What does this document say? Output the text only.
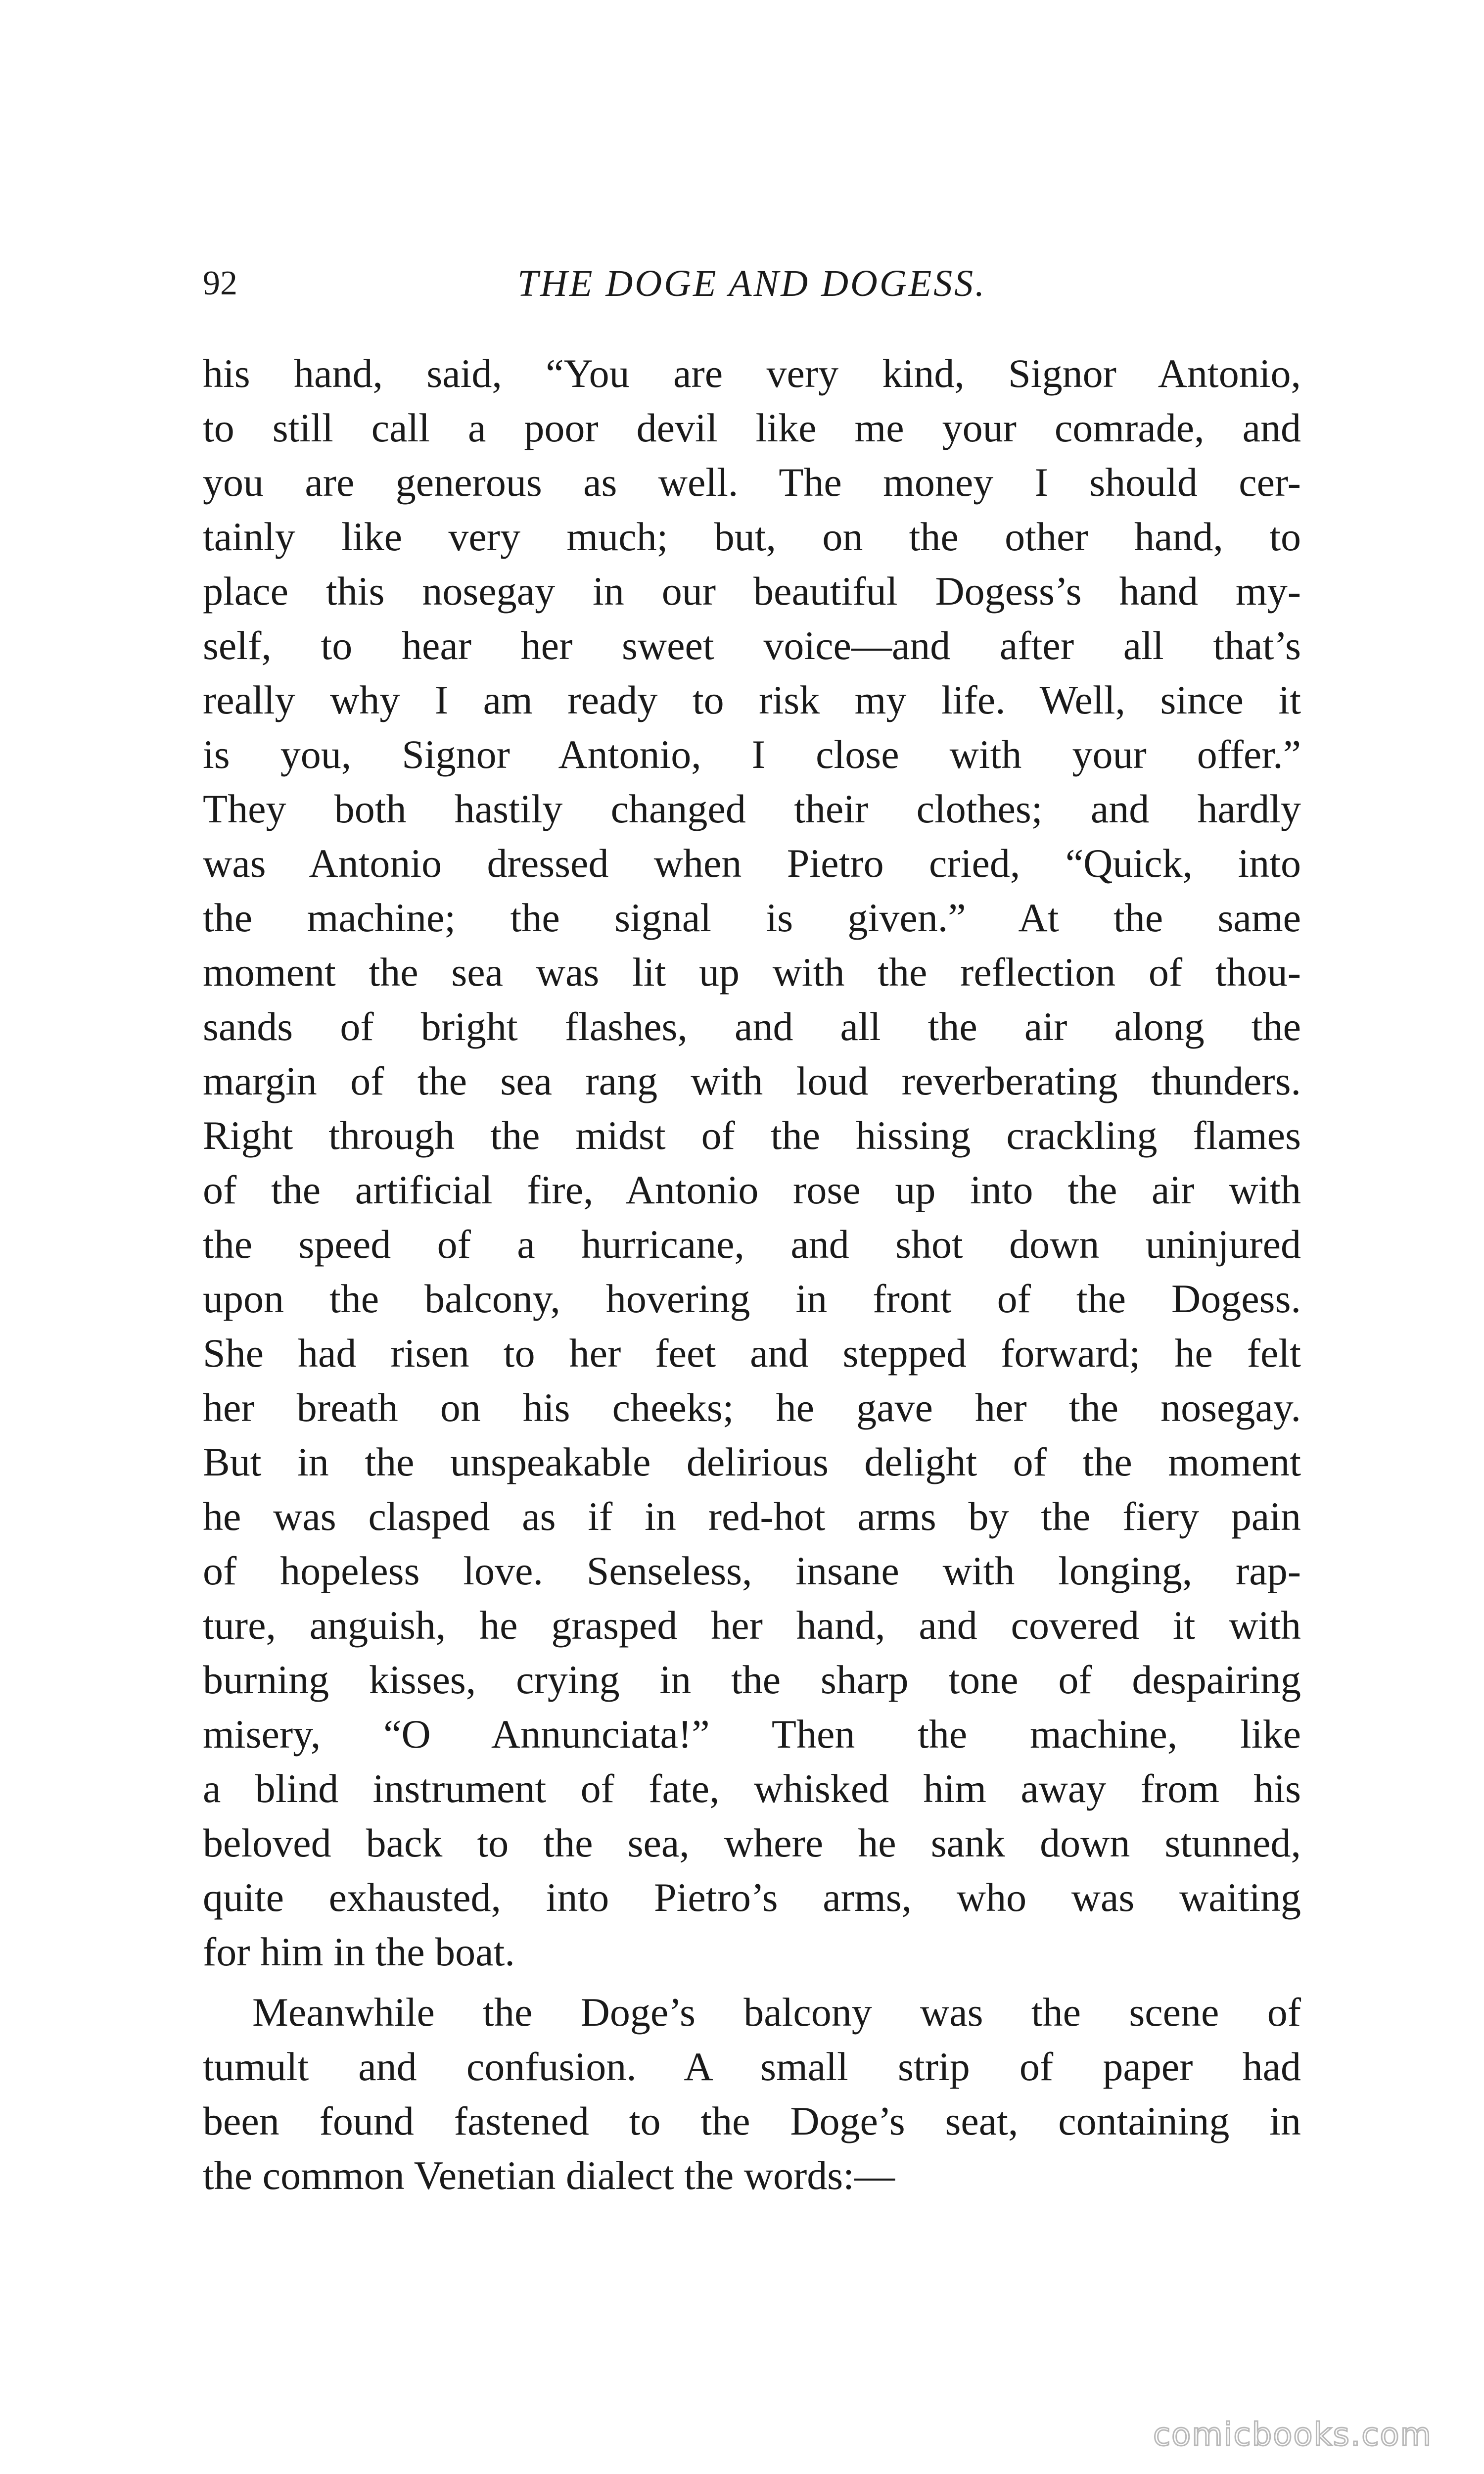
92	THE DOGE AND DOGESS.

his hand, said, “You are very kind, Signor Antonio,
to still call a poor devil like me your comrade, and
you are generous as well. The money I should cer-
tainly like very much; but, on the other hand, to
place this nosegay in our beautiful Dogess’s hand my-
self, to hear her sweet voice—and after all that’s
really why I am ready to risk my life. Well, since it
is you, Signor Antonio, I close with your offer.”
They both hastily changed their clothes; and hardly
was Antonio dressed when Pietro cried, “Quick, into
the machine; the signal is given.” At the same
moment the sea was lit up with the reflection of thou-
sands of bright flashes, and all the air along the
margin of the sea rang with loud reverberating thunders.
Right through the midst of the hissing crackling flames
of the artificial fire, Antonio rose up into the air with
the speed of a hurricane, and shot down uninjured
upon the balcony, hovering in front of the Dogess.
She had risen to her feet and stepped forward; he felt
her breath on his cheeks; he gave her the nosegay.
But in the unspeakable delirious delight of the moment
he was clasped as if in red-hot arms by the fiery pain
of hopeless love. Senseless, insane with longing, rap-
ture, anguish, he grasped her hand, and covered it with
burning kisses, crying in the sharp tone of despairing
misery, “O Annunciata!” Then the machine, like
a blind instrument of fate, whisked him away from his
beloved back to the sea, where he sank down stunned,
quite exhausted, into Pietro’s arms, who was waiting
for him in the boat.

Meanwhile the Doge’s balcony was the scene of
tumult and confusion. A small strip of paper had
been found fastened to the Doge’s seat, containing in
the common Venetian dialect the words:—

comicbooks.com
